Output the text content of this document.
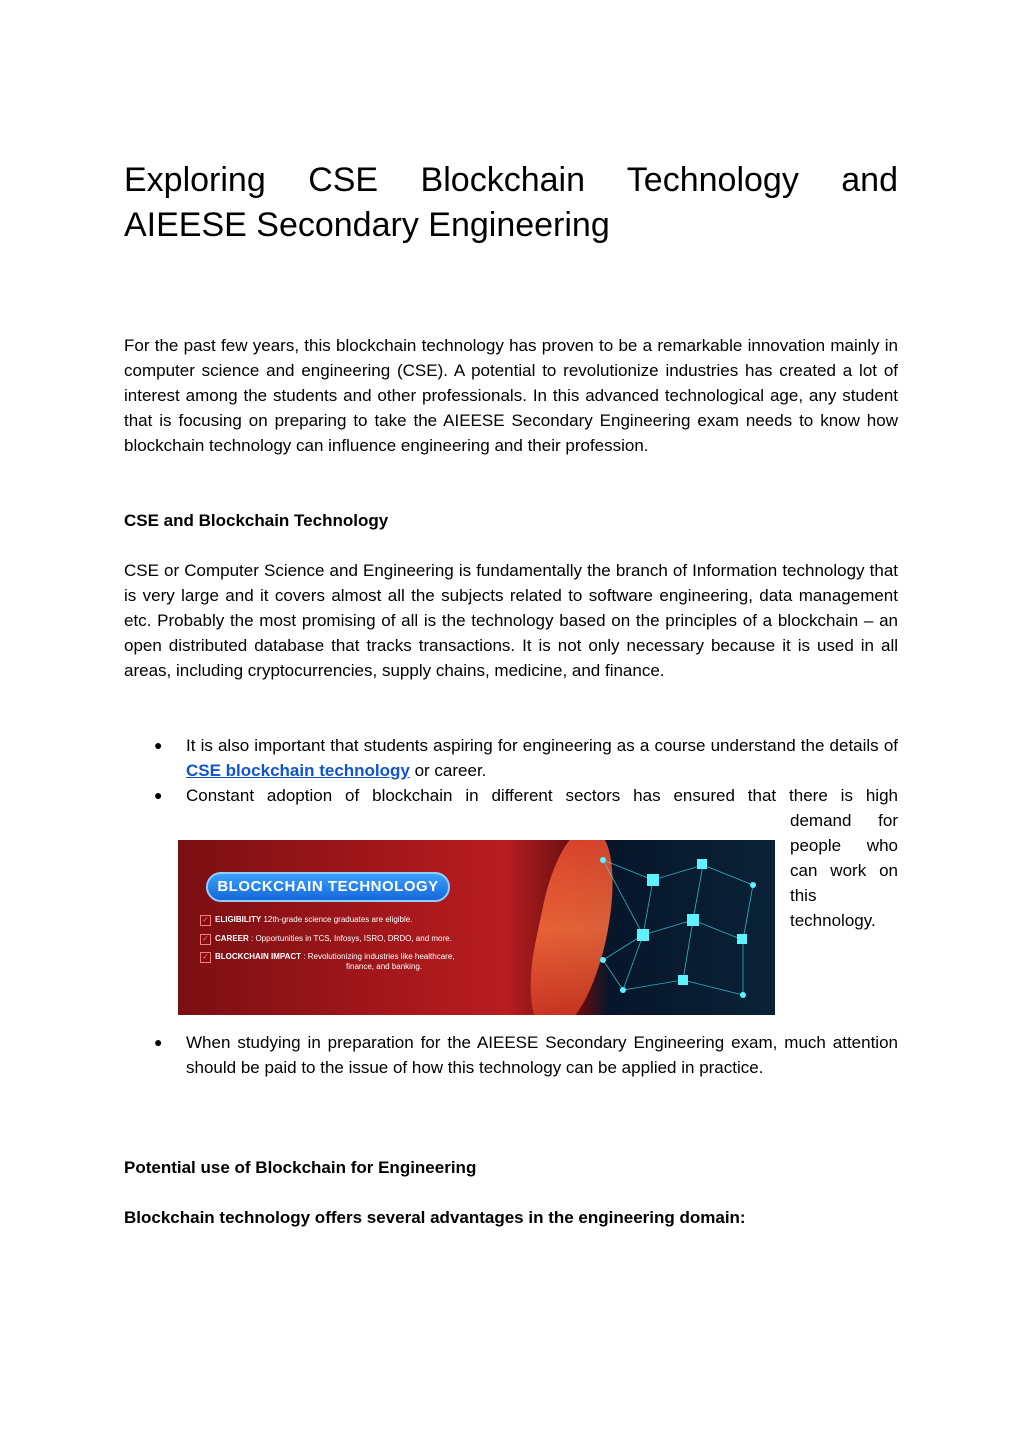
Exploring CSE Blockchain Technology and
AIEESE Secondary Engineering

For the past few years, this blockchain technology has proven to be a remarkable innovation mainly in computer science and engineering (CSE). A potential to revolutionize industries has created a lot of interest among the students and other professionals. In this advanced technological age, any student that is focusing on preparing to take the AIEESE Secondary Engineering exam needs to know how blockchain technology can influence engineering and their profession.

CSE and Blockchain Technology

CSE or Computer Science and Engineering is fundamentally the branch of Information technology that is very large and it covers almost all the subjects related to software engineering, data management etc. Probably the most promising of all is the technology based on the principles of a blockchain – an open distributed database that tracks transactions. It is not only necessary because it is used in all areas, including cryptocurrencies, supply chains, medicine, and finance.

● It is also important that students aspiring for engineering as a course understand the details of CSE blockchain technology or career.
● Constant adoption of blockchain in different sectors has ensured that there is high
demand for people who can work on this
technology.
● When studying in preparation for the AIEESE Secondary Engineering exam, much attention should be paid to the issue of how this technology can be applied in practice.

Potential use of Blockchain for Engineering

Blockchain technology offers several advantages in the engineering domain:

BLOCKCHAIN TECHNOLOGY
✓ ELIGIBILITY 12th-grade science graduates are eligible.
✓ CAREER : Opportunities in TCS, Infosys, ISRO, DRDO, and more.
✓ BLOCKCHAIN IMPACT : Revolutionizing industries like healthcare,
finance, and banking.
